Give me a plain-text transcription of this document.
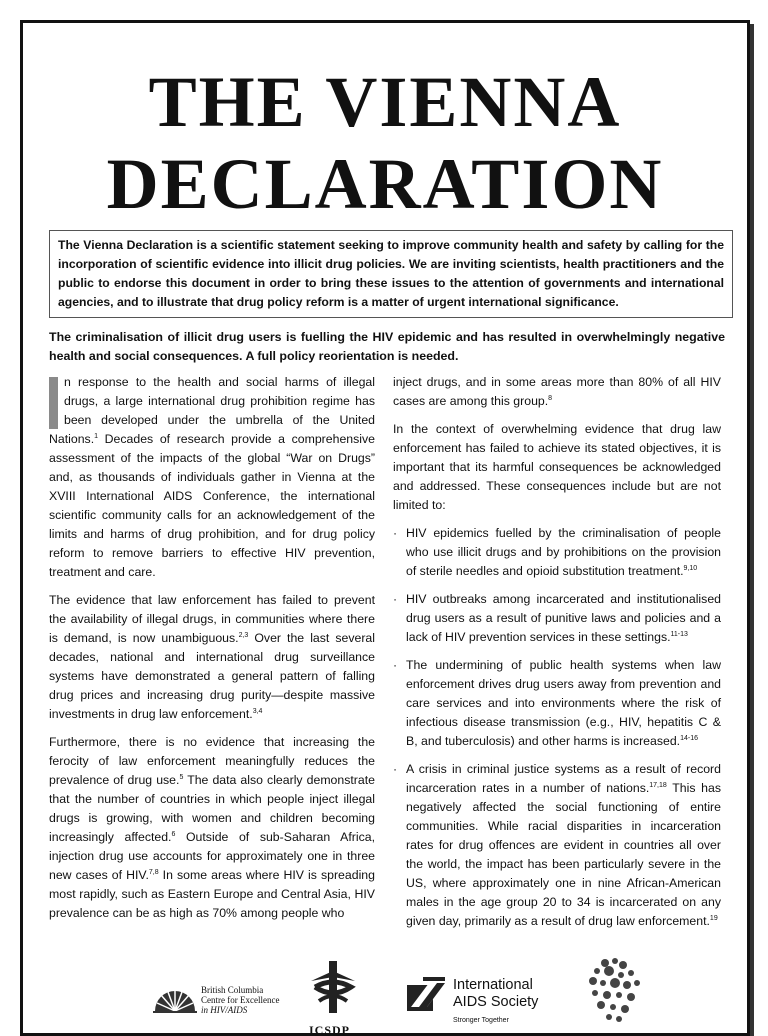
THE VIENNA
DECLARATION
The Vienna Declaration is a scientific statement seeking to improve community health and safety by calling for the incorporation of scientific evidence into illicit drug policies. We are inviting scientists, health practitioners and the public to endorse this document in order to bring these issues to the attention of governments and international agencies, and to illustrate that drug policy reform is a matter of urgent international significance.
The criminalisation of illicit drug users is fuelling the HIV epidemic and has resulted in overwhelmingly negative health and social consequences. A full policy reorientation is needed.

n response to the health and social harms of illegal drugs, a large international drug prohibition regime has been developed under the umbrella of the United Nations.$^1$ Decades of research provide a comprehensive assessment of the impacts of the global “War on Drugs” and, as thousands of individuals gather in Vienna at the XVIII International AIDS Conference, the international scientific community calls for an acknowledgement of the limits and harms of drug prohibition, and for drug policy reform to remove barriers to effective HIV prevention, treatment and care.

The evidence that law enforcement has failed to prevent the availability of illegal drugs, in communities where there is demand, is now unambiguous.$^{2,3}$ Over the last several decades, national and international drug surveillance systems have demonstrated a general pattern of falling drug prices and increasing drug purity—despite massive investments in drug law enforcement.$^{3,4}$

Furthermore, there is no evidence that increasing the ferocity of law enforcement meaningfully reduces the prevalence of drug use.$^5$ The data also clearly demonstrate that the number of countries in which people inject illegal drugs is growing, with women and children becoming increasingly affected.$^6$ Outside of sub-Saharan Africa, injection drug use accounts for approximately one in three new cases of HIV.$^{7,8}$ In some areas where HIV is spreading most rapidly, such as Eastern Europe and Central Asia, HIV prevalence can be as high as 70% among people who

inject drugs, and in some areas more than 80% of all HIV cases are among this group.$^8$

In the context of overwhelming evidence that drug law enforcement has failed to achieve its stated objectives, it is important that its harmful consequences be acknowledged and addressed. These consequences include but are not limited to:

· HIV epidemics fuelled by the criminalisation of people who use illicit drugs and by prohibitions on the provision of sterile needles and opioid substitution treatment.$^{9,10}$
· HIV outbreaks among incarcerated and institutionalised drug users as a result of punitive laws and policies and a lack of HIV prevention services in these settings.$^{11-13}$
· The undermining of public health systems when law enforcement drives drug users away from prevention and care services and into environments where the risk of infectious disease transmission (e.g., HIV, hepatitis C & B, and tuberculosis) and other harms is increased.$^{14-16}$
· A crisis in criminal justice systems as a result of record incarceration rates in a number of nations.$^{17,18}$ This has negatively affected the social functioning of entire communities. While racial disparities in incarceration rates for drug offences are evident in countries all over the world, the impact has been particularly severe in the US, where approximately one in nine African-American males in the age group 20 to 34 is incarcerated on any given day, primarily as a result of drug law enforcement.$^{19}$
British Columbia
Centre for Excellence
in HIV/AIDS
ICSDP
International
AIDS Society
Stronger Together
